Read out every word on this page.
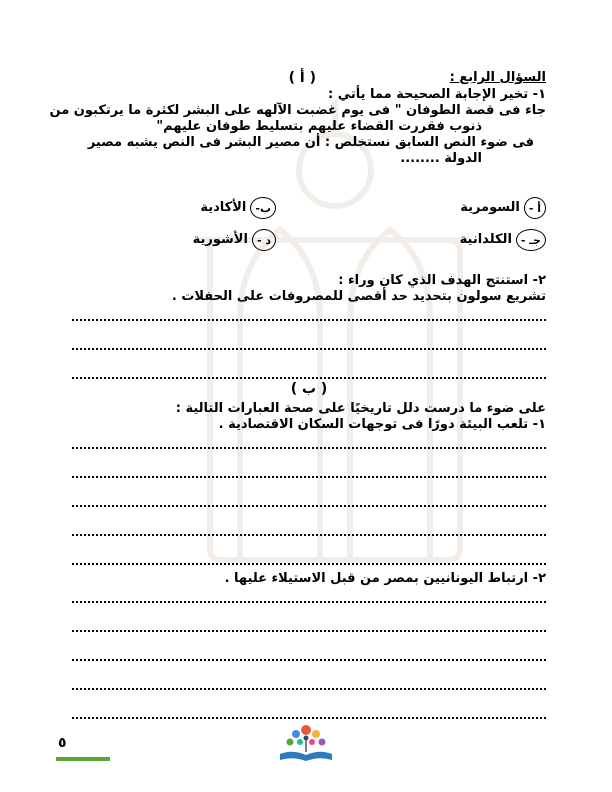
السؤال الرابع :
( أ )
١- تخير الإجابة الصحيحة مما يأتي :
جاء فى قصة الطوفان " فى يوم غضبت الآلهه على البشر لكثرة ما يرتكبون من
ذنوب فقررت القضاء عليهم بتسليط طوفان عليهم"
فى ضوء النص السابق نستخلص : أن مصير البشر فى النص يشبه مصير
الدولة ........
أ -
السومرية
ب-
الأكادية
جـ -
الكلدانية
د -
الأشورية
٢- استنتج الهدف الذي كان وراء :
تشريع سولون بتحديد حد أقصى للمصروفات على الحفلات .
( ب )
على ضوء ما درست دلل تاريخيًا على صحة العبارات التالية :
١- تلعب البيئة دورًا فى توجهات السكان الاقتصادية .
٢- ارتباط اليونانيين بمصر من قبل الاستيلاء عليها .
٥
